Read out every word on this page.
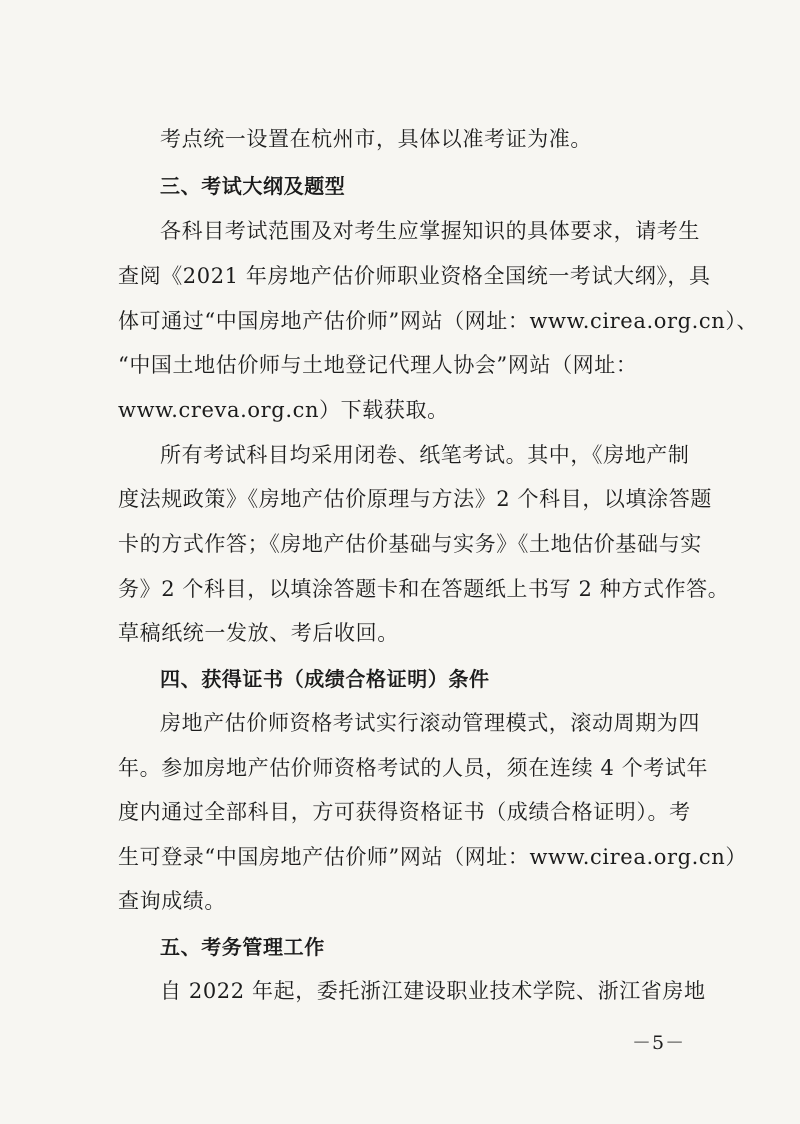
考点统一设置在杭州市，具体以准考证为准。
三、考试大纲及题型
各科目考试范围及对考生应掌握知识的具体要求，请考生
查阅《2021 年房地产估价师职业资格全国统一考试大纲》，具
体可通过“中国房地产估价师”网站（网址：www.cirea.org.cn）、
“中国土地估价师与土地登记代理人协会”网站（网址：
www.creva.org.cn）下载获取。
所有考试科目均采用闭卷、纸笔考试。其中，《房地产制
度法规政策》《房地产估价原理与方法》2 个科目，以填涂答题
卡的方式作答；《房地产估价基础与实务》《土地估价基础与实
务》2 个科目，以填涂答题卡和在答题纸上书写 2 种方式作答。
草稿纸统一发放、考后收回。
四、获得证书（成绩合格证明）条件
房地产估价师资格考试实行滚动管理模式，滚动周期为四
年。参加房地产估价师资格考试的人员，须在连续 4 个考试年
度内通过全部科目，方可获得资格证书（成绩合格证明）。考
生可登录“中国房地产估价师”网站（网址：www.cirea.org.cn）
查询成绩。
五、考务管理工作
自 2022 年起，委托浙江建设职业技术学院、浙江省房地
－5－
